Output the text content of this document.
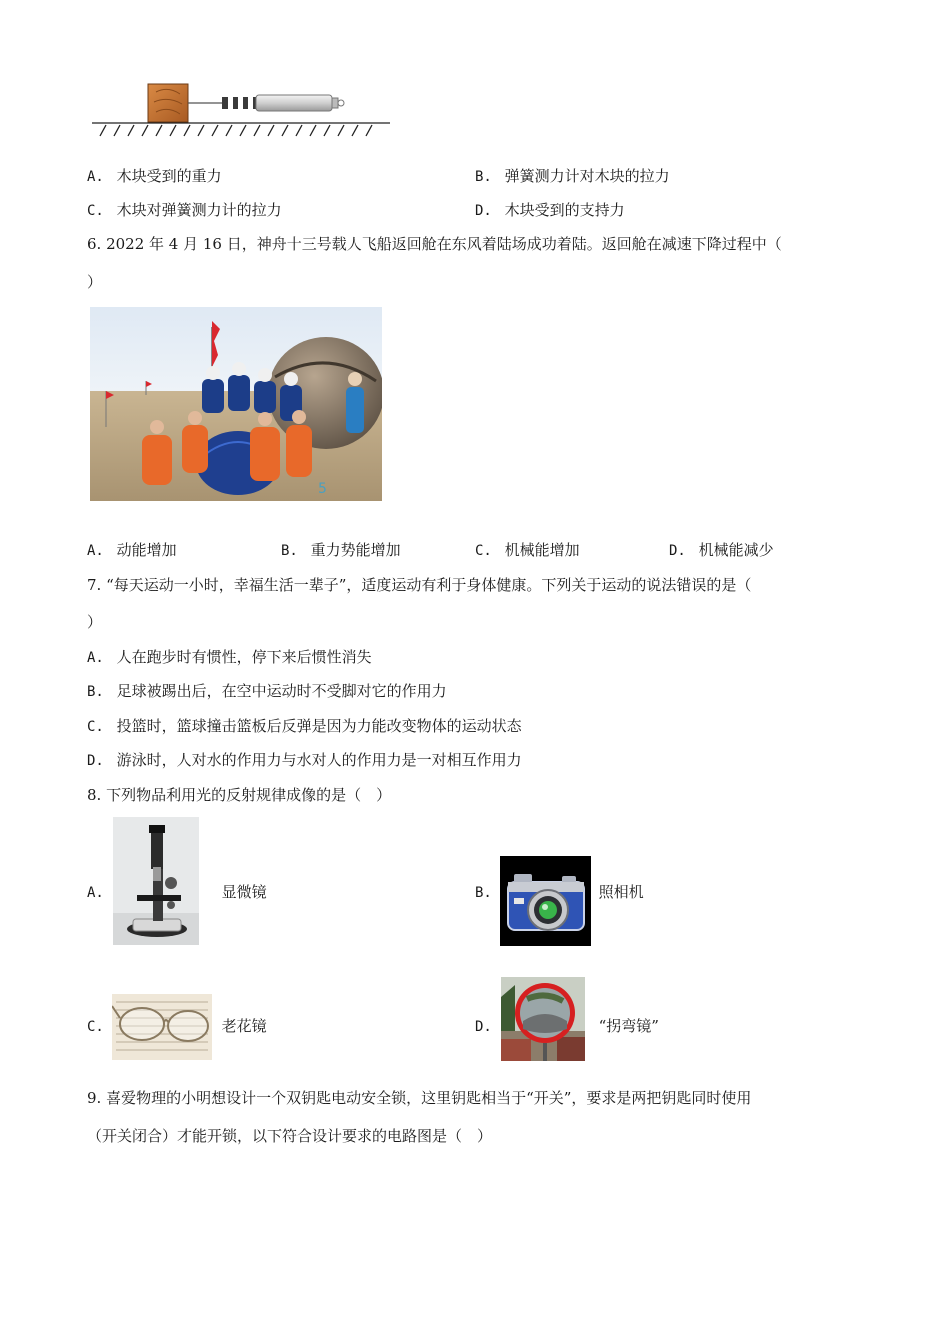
A. 木块受到的重力	B. 弹簧测力计对木块的拉力
C. 木块对弹簧测力计的拉力	D. 木块受到的支持力
6. 2022 年 4 月 16 日，神舟十三号载人飞船返回舱在东风着陆场成功着陆。返回舱在减速下降过程中（
）
5
A. 动能增加	B. 重力势能增加	C. 机械能增加	D. 机械能减少
7. “每天运动一小时，幸福生活一辈子”，适度运动有利于身体健康。下列关于运动的说法错误的是（
）
A. 人在跑步时有惯性，停下来后惯性消失
B. 足球被踢出后，在空中运动时不受脚对它的作用力
C. 投篮时，篮球撞击篮板后反弹是因为力能改变物体的运动状态
D. 游泳时，人对水的作用力与水对人的作用力是一对相互作用力
8. 下列物品利用光的反射规律成像的是（　）
A.	显微镜	B.	照相机
C.	老花镜	D.	“拐弯镜”
9. 喜爱物理的小明想设计一个双钥匙电动安全锁，这里钥匙相当于“开关”，要求是两把钥匙同时使用
（开关闭合）才能开锁，以下符合设计要求的电路图是（　）
